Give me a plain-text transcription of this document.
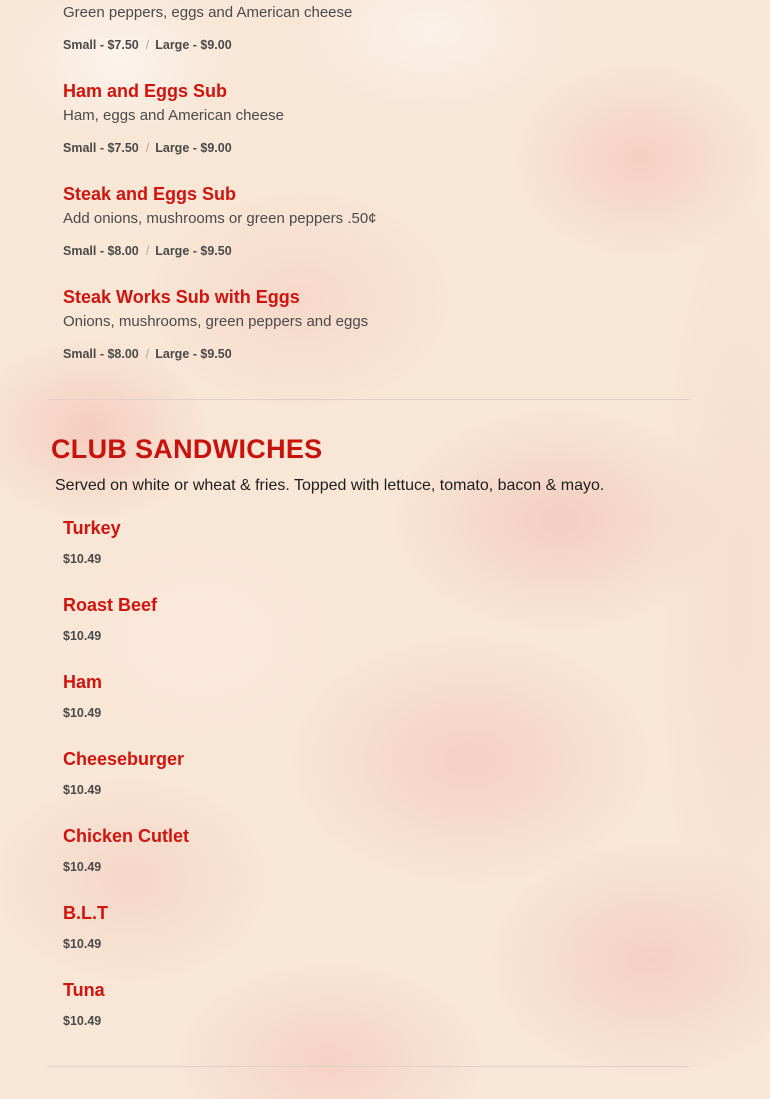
Green peppers, eggs and American cheese
Small - $7.50 / Large - $9.00
Ham and Eggs Sub
Ham, eggs and American cheese
Small - $7.50 / Large - $9.00
Steak and Eggs Sub
Add onions, mushrooms or green peppers .50¢
Small - $8.00 / Large - $9.50
Steak Works Sub with Eggs
Onions, mushrooms, green peppers and eggs
Small - $8.00 / Large - $9.50
CLUB SANDWICHES
Served on white or wheat & fries. Topped with lettuce, tomato, bacon & mayo.
Turkey
$10.49
Roast Beef
$10.49
Ham
$10.49
Cheeseburger
$10.49
Chicken Cutlet
$10.49
B.L.T
$10.49
Tuna
$10.49
